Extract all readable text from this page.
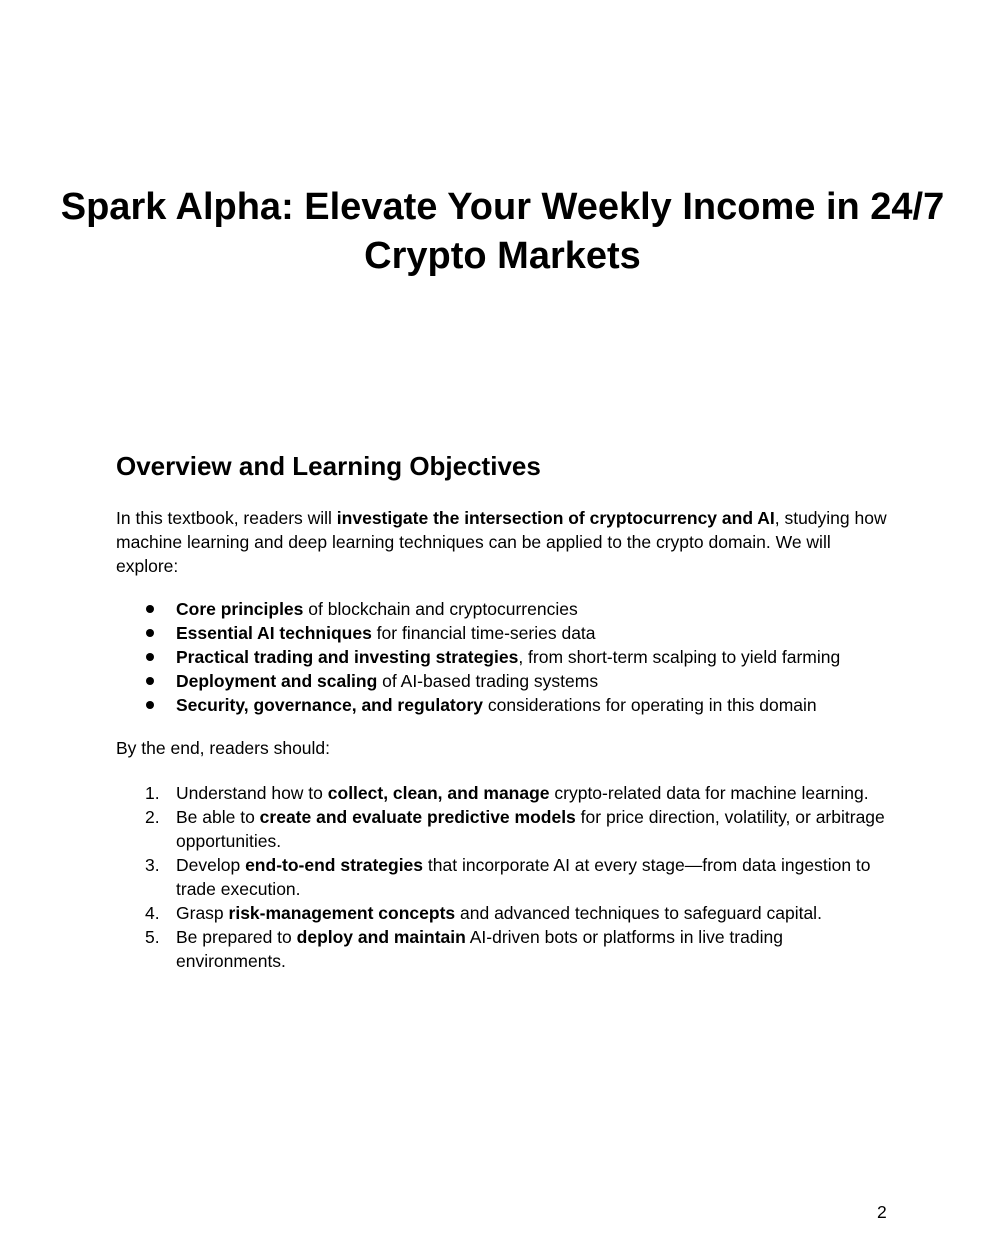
Spark Alpha: Elevate Your Weekly Income in 24/7 Crypto Markets
Overview and Learning Objectives

In this textbook, readers will investigate the intersection of cryptocurrency and AI, studying how machine learning and deep learning techniques can be applied to the crypto domain. We will explore:

Core principles of blockchain and cryptocurrencies
Essential AI techniques for financial time-series data
Practical trading and investing strategies, from short-term scalping to yield farming
Deployment and scaling of AI-based trading systems
Security, governance, and regulatory considerations for operating in this domain

By the end, readers should:

1. Understand how to collect, clean, and manage crypto-related data for machine learning.
2. Be able to create and evaluate predictive models for price direction, volatility, or arbitrage opportunities.
3. Develop end-to-end strategies that incorporate AI at every stage—from data ingestion to trade execution.
4. Grasp risk-management concepts and advanced techniques to safeguard capital.
5. Be prepared to deploy and maintain AI-driven bots or platforms in live trading environments.
2
